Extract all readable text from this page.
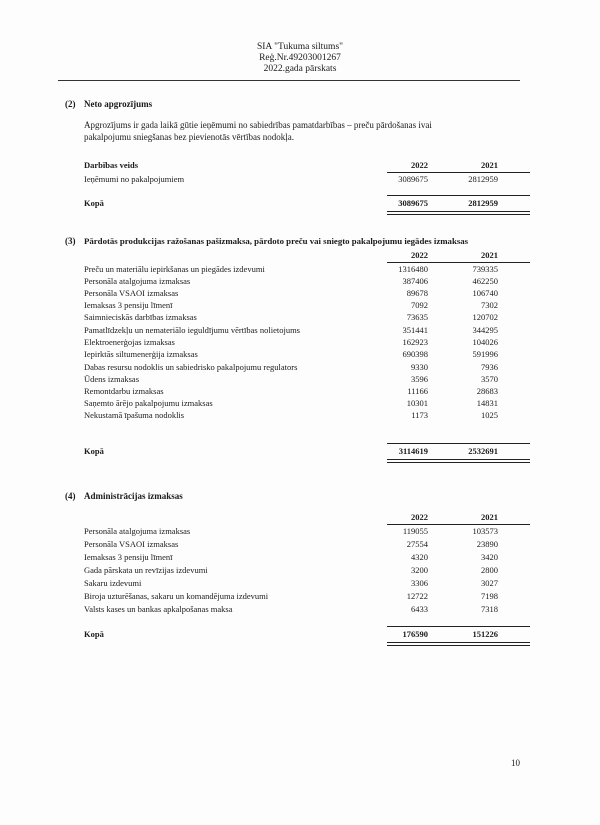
SIA "Tukuma siltums"
Reģ.Nr.49203001267
2022.gada pārskats
(2) Neto apgrozījums
Apgrozījums ir gada laikā gūtie ieņēmumi no sabiedrības pamatdarbības – preču pārdošanas ivai
pakalpojumu sniegšanas bez pievienotās vērtības nodokļa.
Darbības veids	2022	2021
Ieņēmumi no pakalpojumiem	3089675	2812959
Kopā	3089675	2812959
(3) Pārdotās produkcijas ražošanas pašizmaksa, pārdoto preču vai sniegto pakalpojumu iegādes izmaksas
2022	2021
Preču un materiālu iepirkšanas un piegādes izdevumi	1316480	739335
Personāla atalgojuma izmaksas	387406	462250
Personāla VSAOI izmaksas	89678	106740
Iemaksas 3 pensiju līmenī	7092	7302
Saimnieciskās darbības izmaksas	73635	120702
Pamatlīdzekļu un nemateriālo ieguldījumu vērtības nolietojums	351441	344295
Elektroenerģojas izmaksas	162923	104026
Iepirktās siltumenerģija izmaksas	690398	591996
Dabas resursu nodoklis un sabiedrisko pakalpojumu regulators	9330	7936
Ūdens izmaksas	3596	3570
Remontdarbu izmaksas	11166	28683
Saņemto ārējo pakalpojumu izmaksas	10301	14831
Nekustamā īpašuma nodoklis	1173	1025
Kopā	3114619	2532691
(4) Administrācijas izmaksas
2022	2021
Personāla atalgojuma izmaksas	119055	103573
Personāla VSAOI izmaksas	27554	23890
Iemaksas 3 pensiju līmenī	4320	3420
Gada pārskata un revīzijas izdevumi	3200	2800
Sakaru izdevumi	3306	3027
Biroja uzturēšanas, sakaru un komandējuma izdevumi	12722	7198
Valsts kases un bankas apkalpošanas maksa	6433	7318
Kopā	176590	151226
10
